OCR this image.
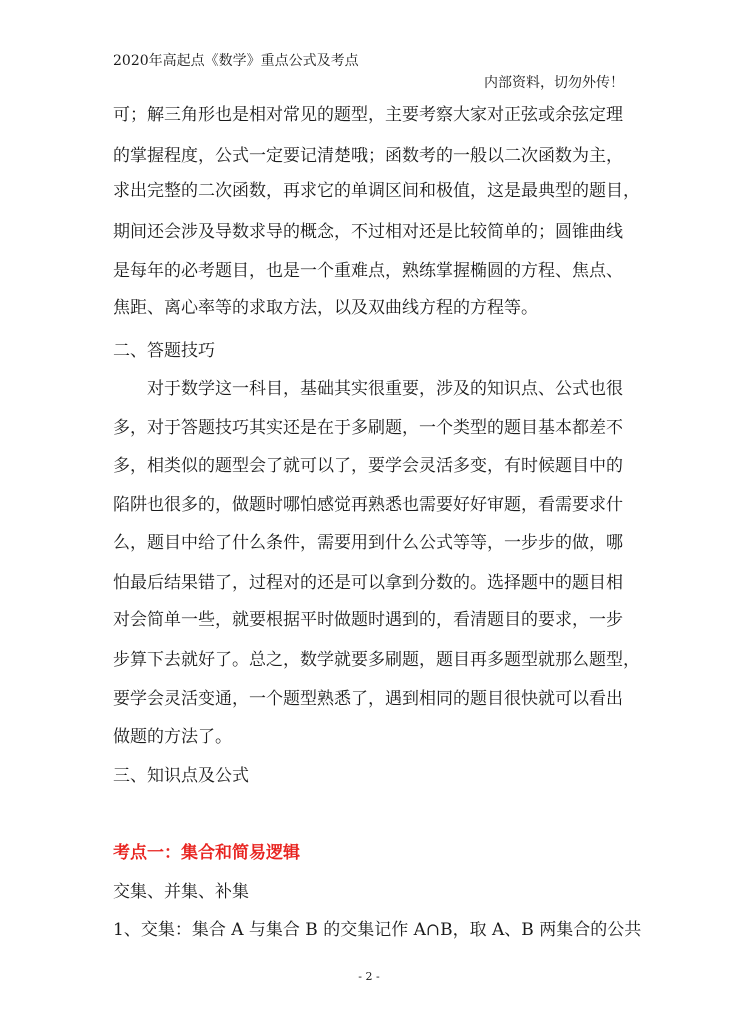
2020年高起点《数学》重点公式及考点
内部资料，切勿外传！
可；解三角形也是相对常见的题型，主要考察大家对正弦或余弦定理
的掌握程度，公式一定要记清楚哦；函数考的一般以二次函数为主，
求出完整的二次函数，再求它的单调区间和极值，这是最典型的题目，
期间还会涉及导数求导的概念，不过相对还是比较简单的；圆锥曲线
是每年的必考题目，也是一个重难点，熟练掌握椭圆的方程、焦点、
焦距、离心率等的求取方法，以及双曲线方程的方程等。
二、答题技巧
对于数学这一科目，基础其实很重要，涉及的知识点、公式也很
多，对于答题技巧其实还是在于多刷题，一个类型的题目基本都差不
多，相类似的题型会了就可以了，要学会灵活多变，有时候题目中的
陷阱也很多的，做题时哪怕感觉再熟悉也需要好好审题，看需要求什
么，题目中给了什么条件，需要用到什么公式等等，一步步的做，哪
怕最后结果错了，过程对的还是可以拿到分数的。选择题中的题目相
对会简单一些，就要根据平时做题时遇到的，看清题目的要求，一步
步算下去就好了。总之，数学就要多刷题，题目再多题型就那么题型，
要学会灵活变通，一个题型熟悉了，遇到相同的题目很快就可以看出
做题的方法了。
三、知识点及公式
考点一：集合和简易逻辑
交集、并集、补集
1、交集：集合 A 与集合 B 的交集记作 A∩B，取 A、B 两集合的公共
- 2 -
